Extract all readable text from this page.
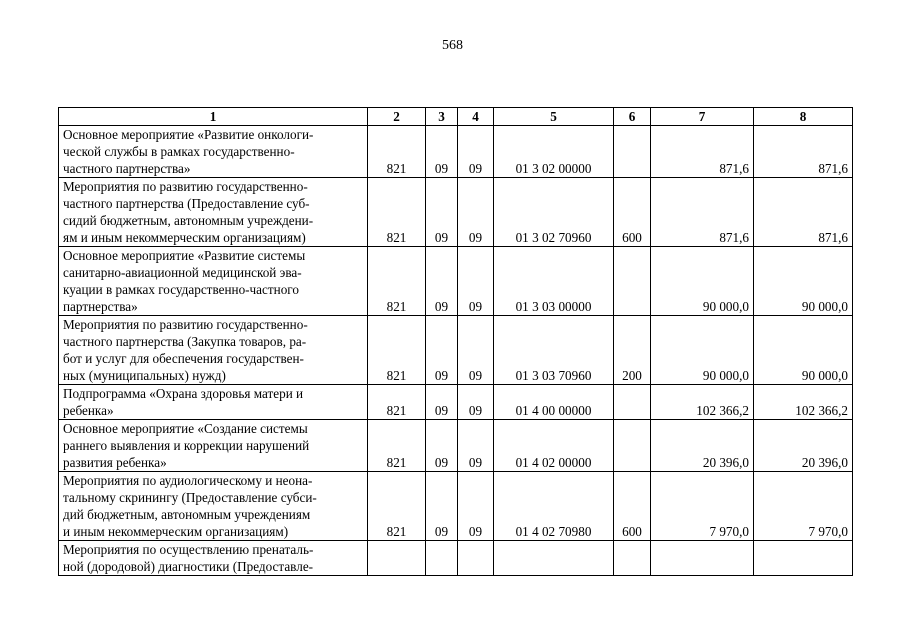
568
1	2	3	4	5	6	7	8

Основное мероприятие «Развитие онкологи-
ческой службы в рамках государственно-
частного партнерства»	821	09	09	01 3 02 00000		871,6	871,6

Мероприятия по развитию государственно-
частного партнерства (Предоставление суб-
сидий бюджетным, автономным учреждени-
ям и иным некоммерческим организациям)	821	09	09	01 3 02 70960	600	871,6	871,6

Основное мероприятие «Развитие системы
санитарно-авиационной медицинской эва-
куации в рамках государственно-частного
партнерства»	821	09	09	01 3 03 00000		90 000,0	90 000,0

Мероприятия по развитию государственно-
частного партнерства (Закупка товаров, ра-
бот и услуг для обеспечения государствен-
ных (муниципальных) нужд)	821	09	09	01 3 03 70960	200	90 000,0	90 000,0

Подпрограмма «Охрана здоровья матери и
ребенка»	821	09	09	01 4 00 00000		102 366,2	102 366,2

Основное мероприятие «Создание системы
раннего выявления и коррекции нарушений
развития ребенка»	821	09	09	01 4 02 00000		20 396,0	20 396,0

Мероприятия по аудиологическому и неона-
тальному скринингу (Предоставление субси-
дий бюджетным, автономным учреждениям
и иным некоммерческим организациям)	821	09	09	01 4 02 70980	600	7 970,0	7 970,0

Мероприятия по осуществлению пренаталь-
ной (дородовой) диагностики (Предоставле-							
